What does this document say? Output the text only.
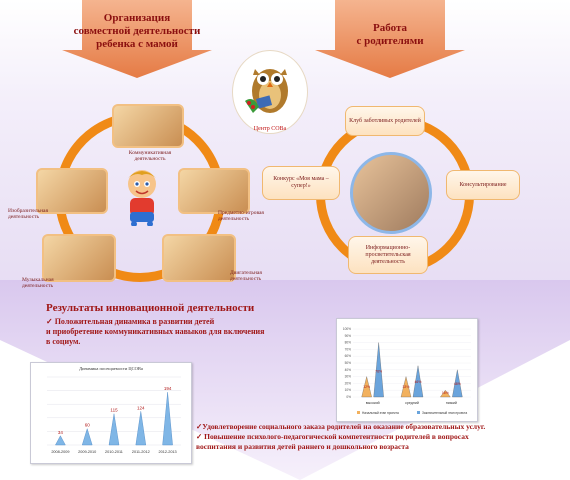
Организация
совместной деятельности
ребенка с мамой
Работа
с родителями
Центр СОВа
Коммуникативная деятельность
Изобразительная деятельность
Предметно-игровая деятельность
Музыкальная деятельность
Двигательная деятельность
Клуб заботливых родителей
Консультирование
Информационно-просветительская деятельность
Конкурс «Моя мама – супер!»
Результаты инновационной деятельности
✓ Положительная динамика в развитии детей
и приобретение коммуникативных навыков для включения
в социум.
Динамика посещаемости ЦСОВа
34
2008-2009
60
2009-2010
115
2010-2011
124
2011-2012
194
2012-2013
0%
10%
20%
30%
40%
50%
60%
70%
80%
90%
100%
12%
76%
высокий
33%
46%
средний
16%
48%
низкий
Начальный этап проекта	Заключительный этап проекта
✓Удовлетворение социального заказа родителей на оказание образовательных услуг.
✓ Повышение психолого-педагогической компетентности родителей в вопросах
воспитания и развития детей раннего и дошкольного возраста
